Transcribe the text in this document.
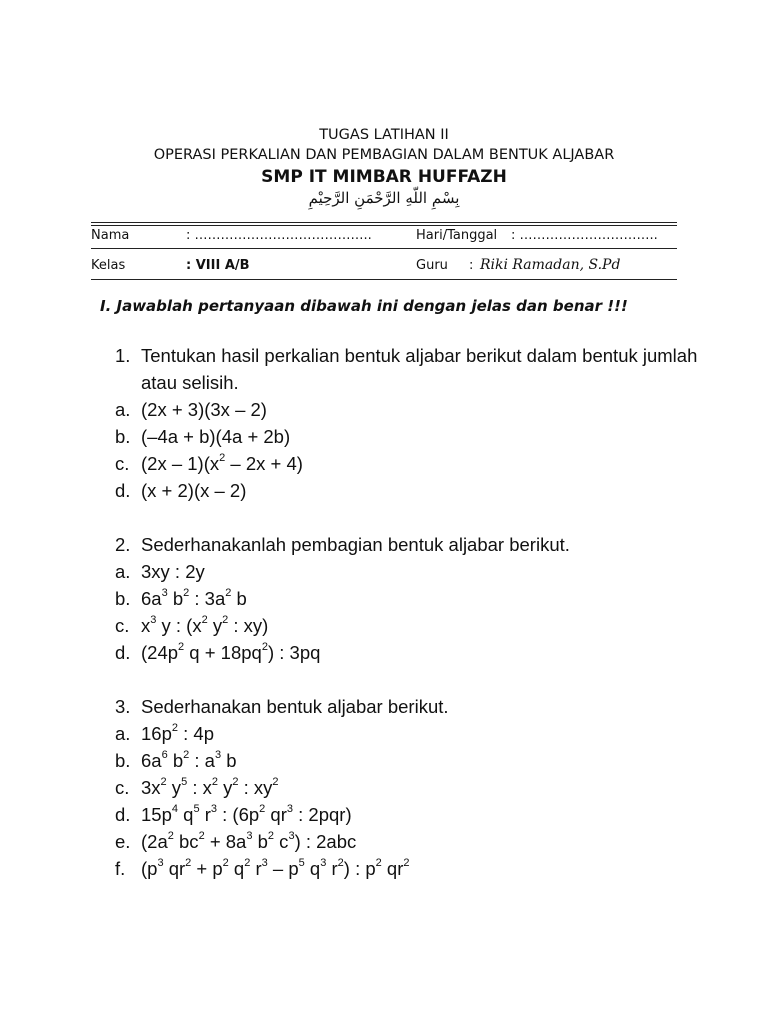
TUGAS LATIHAN II
OPERASI PERKALIAN DAN PEMBAGIAN DALAM BENTUK ALJABAR
SMP IT MIMBAR HUFFAZH
بِسْمِ اللّهِ الرَّحْمَنِ الرَّحِيْمِ
Nama	: …………………………………..	Hari/Tanggal : …………………………..
Kelas	: VIII A/B	Guru : Riki Ramadan, S.Pd
I. Jawablah pertanyaan dibawah ini dengan jelas dan benar !!!
1. Tentukan hasil perkalian bentuk aljabar berikut dalam bentuk jumlah atau selisih.
a. (2x + 3)(3x – 2)
b. (–4a + b)(4a + 2b)
c. $(2x - 1)(x^2 - 2x + 4)$
d. (x + 2)(x – 2)
2. Sederhanakanlah pembagian bentuk aljabar berikut.
a. 3xy : 2y
b. $6a^3$ $b^2$ : $3a^2$ b
c. $x^3$ y : ($x^2$ $y^2$ : xy)
d. ($24p^2$ $q + 18pq^2$) : 3pq
3. Sederhanakan bentuk aljabar berikut.
a. $16p^2$ : 4p
b. $6a^6$ $b^2$ : $a^3$ b
c. $3x^2$ $y^5$ : $x^2$ $y^2$ : $xy^2$
d. $15p^4$ $q^5$ $r^3$ : ($6p^2$ $qr^3$ : 2pqr)
e. ($2a^2$ $bc^2 + 8a^3$ $b^2$ $c^3$) : 2abc
f. ($p^3$ $qr^2 + p^2$ $q^2$ $r^3 - p^5$ $q^3$ $r^2$) : $p^2$ $qr^2$
